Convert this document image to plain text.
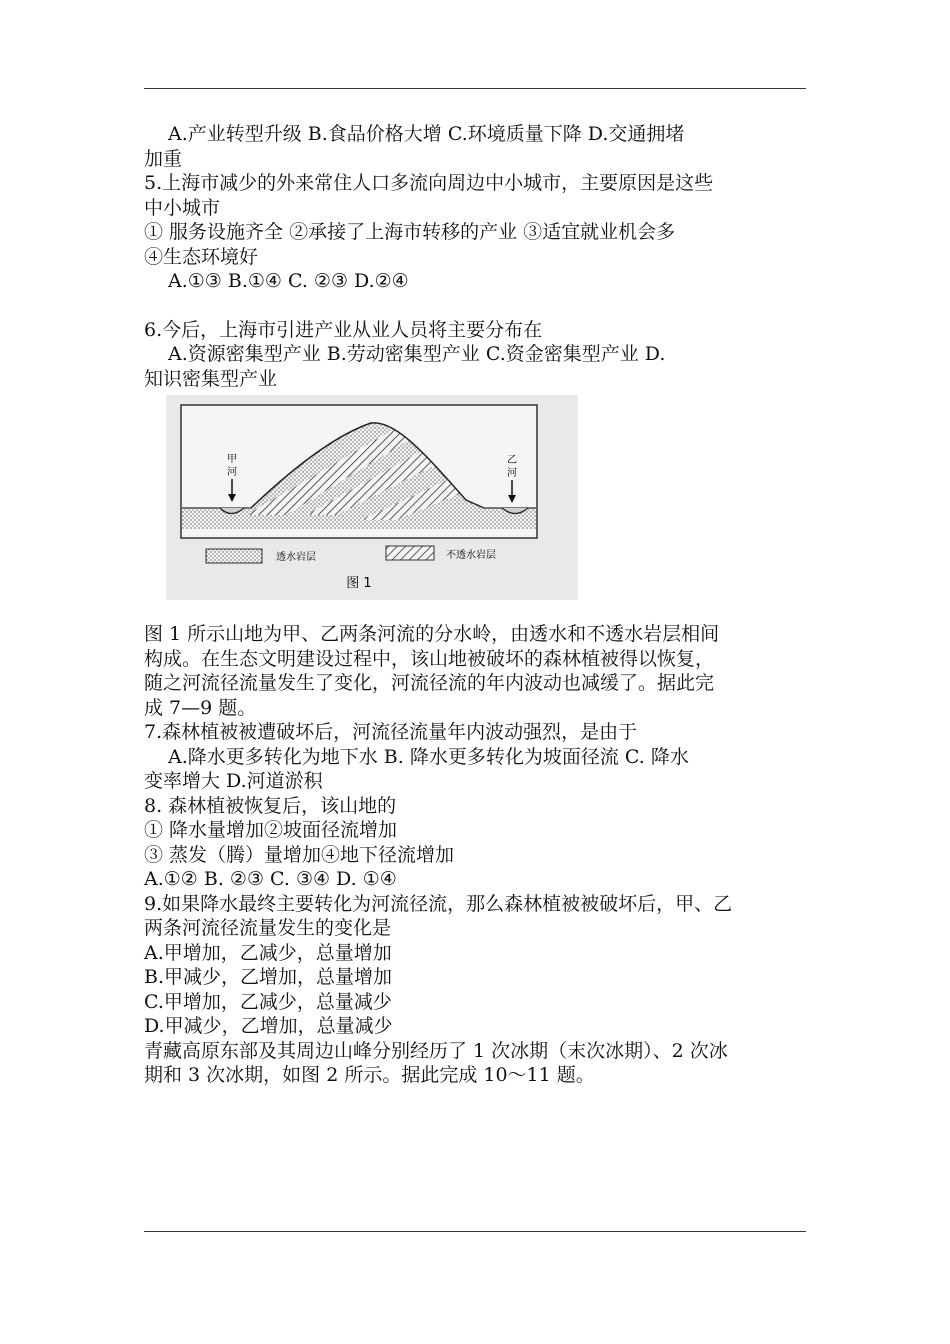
A.产业转型升级 B.食品价格大增 C.环境质量下降 D.交通拥堵
加重
5.上海市减少的外来常住人口多流向周边中小城市，主要原因是这些
中小城市
① 服务设施齐全 ②承接了上海市转移的产业 ③适宜就业机会多
④生态环境好
A.①③ B.①④ C. ②③ D.②④
6.今后，上海市引进产业从业人员将主要分布在
A.资源密集型产业 B.劳动密集型产业 C.资金密集型产业 D.
知识密集型产业
甲
河
乙
河
透水岩层	不透水岩层
图 1
图 1 所示山地为甲、乙两条河流的分水岭，由透水和不透水岩层相间
构成。在生态文明建设过程中，该山地被破坏的森林植被得以恢复，
随之河流径流量发生了变化，河流径流的年内波动也减缓了。据此完
成 7—9 题。
7.森林植被被遭破坏后，河流径流量年内波动强烈，是由于
A.降水更多转化为地下水 B. 降水更多转化为坡面径流 C. 降水
变率增大 D.河道淤积
8. 森林植被恢复后，该山地的
① 降水量增加②坡面径流增加
③ 蒸发（腾）量增加④地下径流增加
A.①② B. ②③ C. ③④ D. ①④
9.如果降水最终主要转化为河流径流，那么森林植被被破坏后，甲、乙
两条河流径流量发生的变化是
A.甲增加，乙减少，总量增加
B.甲减少，乙增加，总量增加
C.甲增加，乙减少，总量减少
D.甲减少，乙增加，总量减少
青藏高原东部及其周边山峰分别经历了 1 次冰期（末次冰期）、2 次冰
期和 3 次冰期，如图 2 所示。据此完成 10～11 题。
